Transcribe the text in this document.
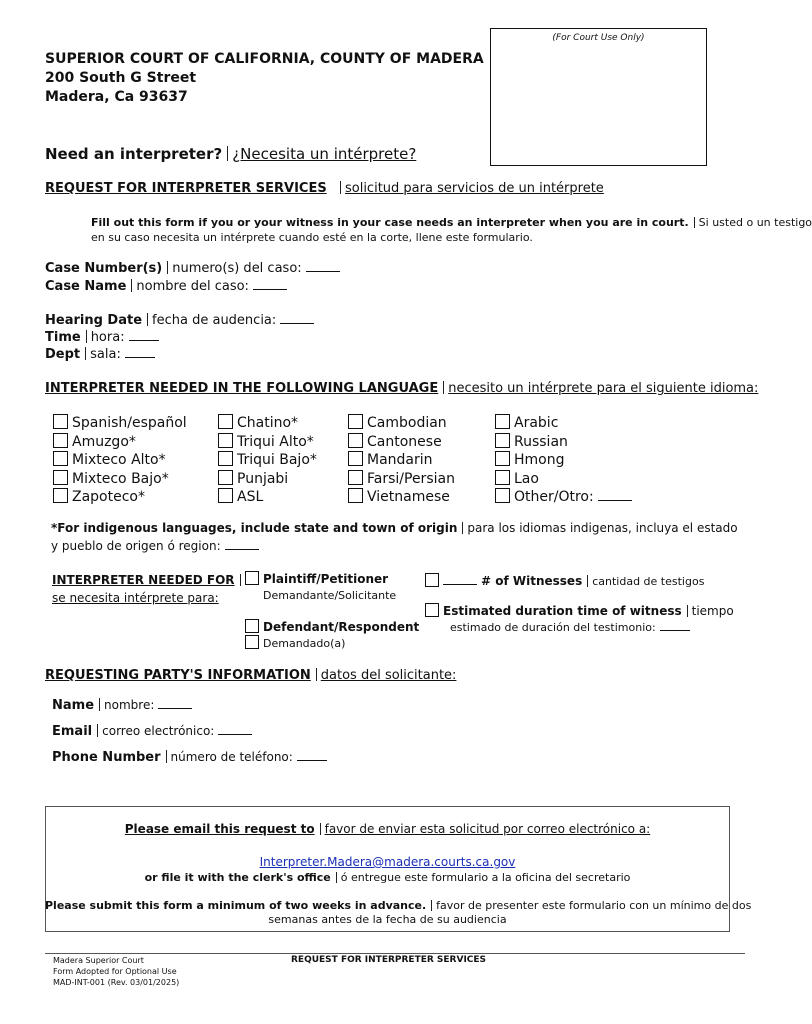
SUPERIOR COURT OF CALIFORNIA, COUNTY OF MADERA
200 South G Street
Madera, Ca 93637
(For Court Use Only)
Need an interpreter? ¿Necesita un intérprete?
REQUEST FOR INTERPRETER SERVICES solicitud para servicios de un intérprete
Fill out this form if you or your witness in your case needs an interpreter when you are in court. Si usted o un testigo
en su caso necesita un intérprete cuando esté en la corte, llene este formulario.
Case Number(s) numero(s) del caso:
Case Name nombre del caso:
Hearing Date fecha de audencia:
Time hora:
Dept sala:
INTERPRETER NEEDED IN THE FOLLOWING LANGUAGE necesito un intérprete para el siguiente idioma:
Spanish/español
Amuzgo*
Mixteco Alto*
Mixteco Bajo*
Zapoteco*
Chatino*
Triqui Alto*
Triqui Bajo*
Punjabi
ASL
Cambodian
Cantonese
Mandarin
Farsi/Persian
Vietnamese
Arabic
Russian
Hmong
Lao
Other/Otro:
*For indigenous languages, include state and town of origin para los idiomas indigenas, incluya el estado
y pueblo de origen ó region:
INTERPRETER NEEDED FOR
se necesita intérprete para:
Plaintiff/Petitioner
Demandante/Solicitante
Defendant/Respondent
Demandado(a)
# of Witnesses cantidad de testigos
Estimated duration time of witness tiempo
estimado de duración del testimonio:
REQUESTING PARTY'S INFORMATION datos del solicitante:
Name nombre:
Email correo electrónico:
Phone Number número de teléfono:
Please email this request to favor de enviar esta solicitud por correo electrónico a:
Interpreter.Madera@madera.courts.ca.gov
or file it with the clerk's office ó entregue este formulario a la oficina del secretario
Please submit this form a minimum of two weeks in advance. favor de presenter este formulario con un mínimo de dos
semanas antes de la fecha de su audiencia
Madera Superior Court
Form Adopted for Optional Use
MAD-INT-001 (Rev. 03/01/2025)
REQUEST FOR INTERPRETER SERVICES
